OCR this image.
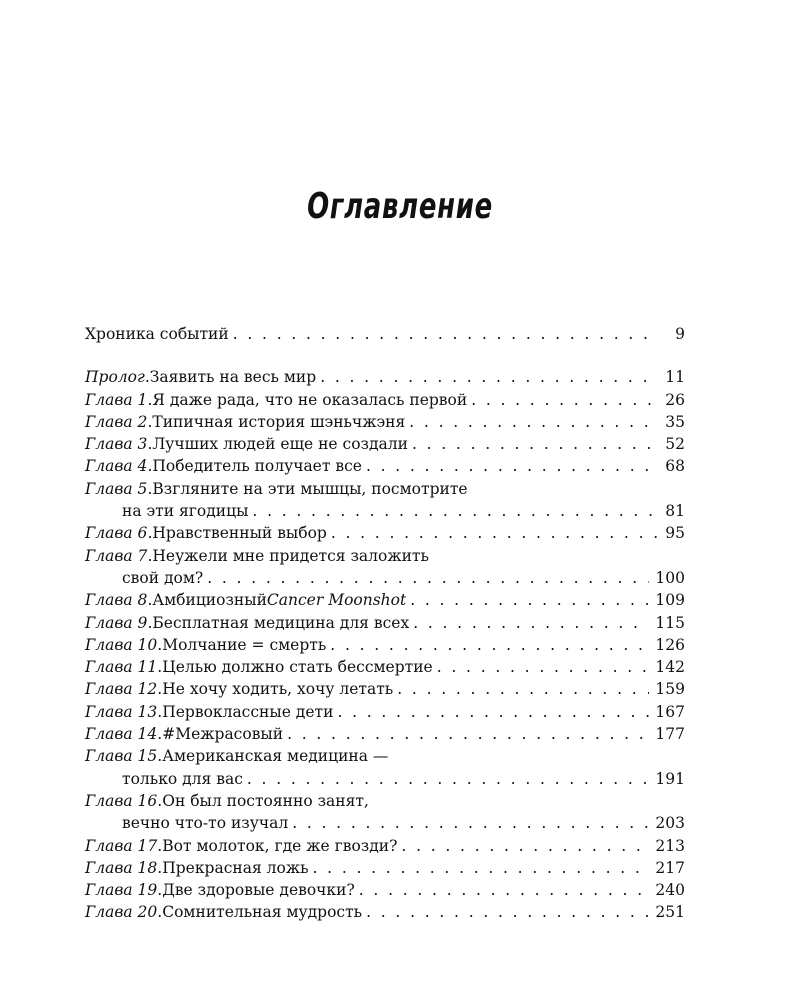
Оглавление
Хроника событий . . .	9
Пролог . Заявить на весь мир . . .	11
Глава 1 . Я даже рада, что не оказалась первой . . .	26
Глава 2 . Типичная история шэньчжэня . . .	35
Глава 3 . Лучших людей еще не создали . . .	52
Глава 4 . Победитель получает все . . .	68
Глава 5 . Взгляните на эти мышцы, посмотрите
на эти ягодицы . . .	81
Глава 6 . Нравственный выбор . . .	95
Глава 7 . Неужели мне придется заложить
свой дом? . . .	100
Глава 8 . Амбициозный Cancer Moonshot . . .	109
Глава 9 . Бесплатная медицина для всех . . .	115
Глава 10 . Молчание = смерть . . .	126
Глава 11 . Целью должно стать бессмертие . . .	142
Глава 12 . Не хочу ходить, хочу летать . . .	159
Глава 13 . Первоклассные дети . . .	167
Глава 14 . #Межрасовый . . .	177
Глава 15 . Американская медицина —
только для вас . . .	191
Глава 16 . Он был постоянно занят,
вечно что-то изучал . . .	203
Глава 17 . Вот молоток, где же гвозди? . . .	213
Глава 18 . Прекрасная ложь . . .	217
Глава 19 . Две здоровые девочки? . . .	240
Глава 20 . Сомнительная мудрость . . .	251
